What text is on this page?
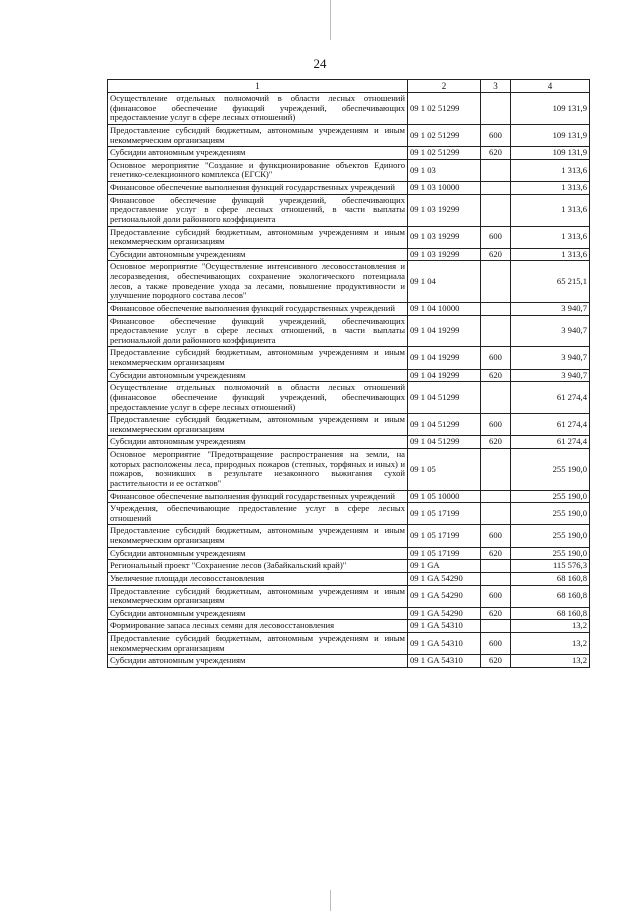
24
1	2	3	4
Осуществление отдельных полномочий в области лесных отношений (финансовое обеспечение функций учреждений, обеспечивающих предоставление услуг в сфере лесных отношений)	09 1 02 51299		109 131,9
Предоставление субсидий бюджетным, автономным учреждениям и иным некоммерческим организациям	09 1 02 51299	600	109 131,9
Субсидии автономным учреждениям	09 1 02 51299	620	109 131,9
Основное мероприятие "Создание и функционирование объектов Единого генетико-селекционного комплекса (ЕГСК)"	09 1 03		1 313,6
Финансовое обеспечение выполнения функций государственных учреждений	09 1 03 10000		1 313,6
Финансовое обеспечение функций учреждений, обеспечивающих предоставление услуг в сфере лесных отношений, в части выплаты региональной доли районного коэффициента	09 1 03 19299		1 313,6
Предоставление субсидий бюджетным, автономным учреждениям и иным некоммерческим организациям	09 1 03 19299	600	1 313,6
Субсидии автономным учреждениям	09 1 03 19299	620	1 313,6
Основное мероприятие "Осуществление интенсивного лесовосстановления и лесоразведения, обеспечивающих сохранение экологического потенциала лесов, а также проведение ухода за лесами, повышение продуктивности и улучшение породного состава лесов"	09 1 04		65 215,1
Финансовое обеспечение выполнения функций государственных учреждений	09 1 04 10000		3 940,7
Финансовое обеспечение функций учреждений, обеспечивающих предоставление услуг в сфере лесных отношений, в части выплаты региональной доли районного коэффициента	09 1 04 19299		3 940,7
Предоставление субсидий бюджетным, автономным учреждениям и иным некоммерческим организациям	09 1 04 19299	600	3 940,7
Субсидии автономным учреждениям	09 1 04 19299	620	3 940,7
Осуществление отдельных полномочий в области лесных отношений (финансовое обеспечение функций учреждений, обеспечивающих предоставление услуг в сфере лесных отношений)	09 1 04 51299		61 274,4
Предоставление субсидий бюджетным, автономным учреждениям и иным некоммерческим организациям	09 1 04 51299	600	61 274,4
Субсидии автономным учреждениям	09 1 04 51299	620	61 274,4
Основное мероприятие "Предотвращение распространения на земли, на которых расположены леса, природных пожаров (степных, торфяных и иных) и пожаров, возникших в результате незаконного выжигания сухой растительности и ее остатков"	09 1 05		255 190,0
Финансовое обеспечение выполнения функций государственных учреждений	09 1 05 10000		255 190,0
Учреждения, обеспечивающие предоставление услуг в сфере лесных отношений	09 1 05 17199		255 190,0
Предоставление субсидий бюджетным, автономным учреждениям и иным некоммерческим организациям	09 1 05 17199	600	255 190,0
Субсидии автономным учреждениям	09 1 05 17199	620	255 190,0
Региональный проект "Сохранение лесов (Забайкальский край)"	09 1 GA		115 576,3
Увеличение площади лесовосстановления	09 1 GA 54290		68 160,8
Предоставление субсидий бюджетным, автономным учреждениям и иным некоммерческим организациям	09 1 GA 54290	600	68 160,8
Субсидии автономным учреждениям	09 1 GA 54290	620	68 160,8
Формирование запаса лесных семян для лесовосстановления	09 1 GA 54310		13,2
Предоставление субсидий бюджетным, автономным учреждениям и иным некоммерческим организациям	09 1 GA 54310	600	13,2
Субсидии автономным учреждениям	09 1 GA 54310	620	13,2
